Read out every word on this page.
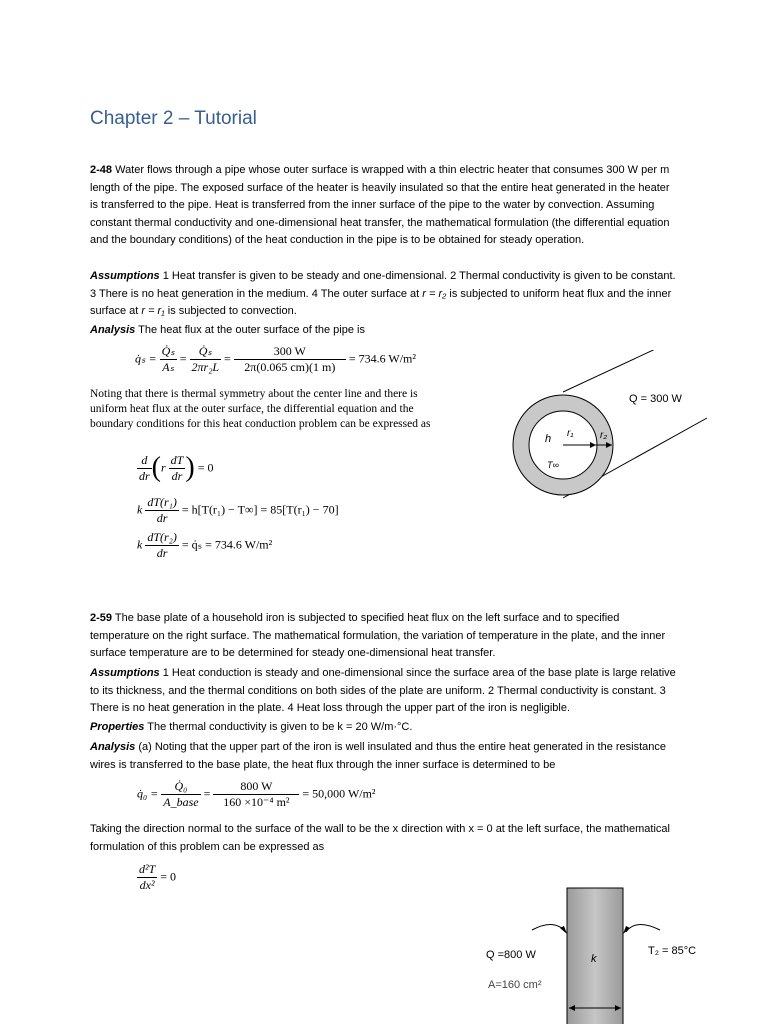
Chapter 2 – Tutorial
2-48 Water flows through a pipe whose outer surface is wrapped with a thin electric heater that consumes 300 W per m length of the pipe. The exposed surface of the heater is heavily insulated so that the entire heat generated in the heater is transferred to the pipe. Heat is transferred from the inner surface of the pipe to the water by convection. Assuming constant thermal conductivity and one-dimensional heat transfer, the mathematical formulation (the differential equation and the boundary conditions) of the heat conduction in the pipe is to be obtained for steady operation.
Assumptions 1 Heat transfer is given to be steady and one-dimensional. 2 Thermal conductivity is given to be constant. 3 There is no heat generation in the medium. 4 The outer surface at r = r₂ is subjected to uniform heat flux and the inner surface at r = r₁ is subjected to convection.
Analysis The heat flux at the outer surface of the pipe is
q̇ₛ = $\frac{\text{Q̇ₛ}}{\text{Aₛ}} = \frac{\text{Q̇ₛ}}{\text{2πr₂L}} = \frac{300 W}{2\pi(0.065 cm)(1 m)} = 734.6$ W/m²
Noting that there is thermal symmetry about the center line and there is uniform heat flux at the outer surface, the differential equation and the boundary conditions for this heat conduction problem can be expressed as
$\frac{d}{dr} (r \frac{dT}{dr}$ ) = 0
k $\frac{\text{dT(r₁)}}{dr} = h[T(r_1) - T\infty] = 85[T(r_1) - 70]$
k $\frac{\text{dT(r₂)}}{dr}$ = q̇ₛ = 734.6 W/m²
Q = 300 W
h r₁	r₂
T∞
2-59 The base plate of a household iron is subjected to specified heat flux on the left surface and to specified temperature on the right surface. The mathematical formulation, the variation of temperature in the plate, and the inner surface temperature are to be determined for steady one-dimensional heat transfer.
Assumptions 1 Heat conduction is steady and one-dimensional since the surface area of the base plate is large relative to its thickness, and the thermal conditions on both sides of the plate are uniform. 2 Thermal conductivity is constant. 3 There is no heat generation in the plate. 4 Heat loss through the upper part of the iron is negligible.
Properties The thermal conductivity is given to be k = 20 W/m·°C.
Analysis (a) Noting that the upper part of the iron is well insulated and thus the entire heat generated in the resistance wires is transferred to the base plate, the heat flux through the inner surface is determined to be
q̇₀ = $\frac{\text{Q̇₀}}{\text{A\_base}} = \frac{800 W}{\text{160 ×10⁻⁴ m²}} = 50,000$ W/m²
Taking the direction normal to the surface of the wall to be the x direction with x = 0 at the left surface, the mathematical formulation of this problem can be expressed as
$\frac{\text{d²T}}{\text{dx²}} = 0$
Q =800 W	k
T₂ = 85°C
A=160 cm²
